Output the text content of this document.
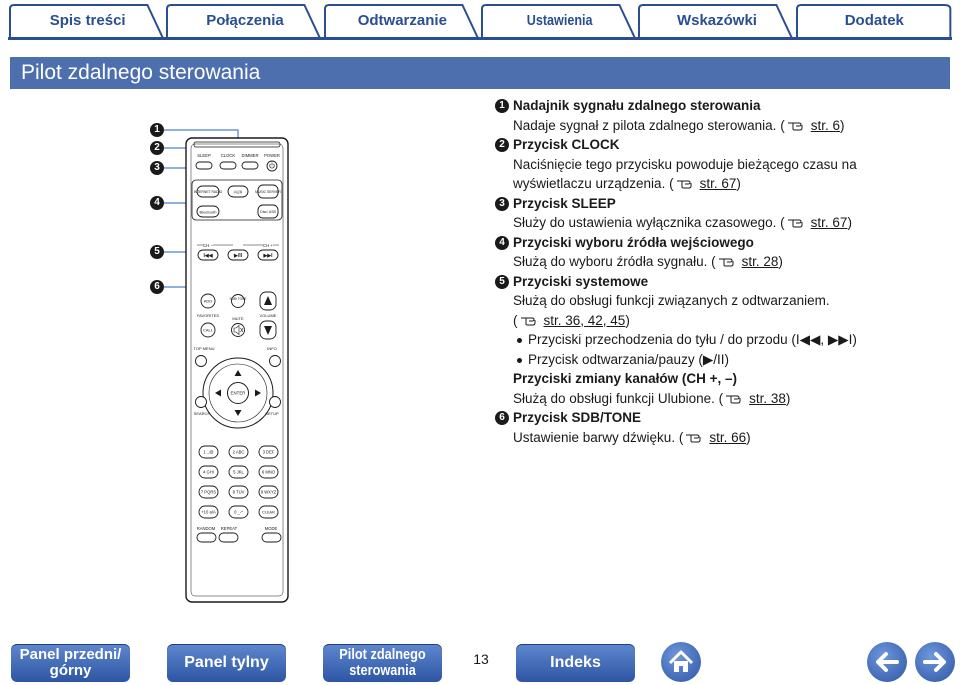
Spis treści	Połączenia	Odtwarzanie	Ustawienia	Wskazówki	Dodatek
Pilot zdalnego sterowania
1
2
3
4
5
6
SLEEP CLOCK DIMMER POWER
INTERNET RADIO	AUX	MUSIC SERVER
Bluetooth	Disc/ USB
CH −	CH +
I◀◀	▶/II	▶▶I
ADD	SDB/ TONE
FAVORITES
MUTE
VOLUME
CALL
TOP MENU	INFO
ENTER
SEARCH	SETUP
1 .,@	2 ABC	3 DEF
4 GHI	5 JKL	6 MNO
7 PQRS	8 TUV	9 WXYZ
+10 a/A	0 _-*	CLEAR
RANDOM REPEAT	MODE
1 Nadajnik sygnału zdalnego sterowania
Nadaje sygnał z pilota zdalnego sterowania. ( str. 6)
2 Przycisk CLOCK
Naciśnięcie tego przycisku powoduje bieżącego czasu na wyświetlaczu urządzenia. ( str. 67)
3 Przycisk SLEEP
Służy do ustawienia wyłącznika czasowego. ( str. 67)
4 Przyciski wyboru źródła wejściowego
Służą do wyboru źródła sygnału. ( str. 28)
5 Przyciski systemowe
Służą do obsługi funkcji związanych z odtwarzaniem. ( str. 36, 42, 45)
Przyciski przechodzenia do tyłu / do przodu (I◀◀, ▶▶I)
Przycisk odtwarzania/pauzy (▶/II)
Przyciski zmiany kanałów (CH +, –)
Służą do obsługi funkcji Ulubione. ( str. 38)
6 Przycisk SDB/TONE
Ustawienie barwy dźwięku. ( str. 66)
Panel przedni/ górny	Panel tylny	Pilot zdalnego sterowania
13	Indeks
